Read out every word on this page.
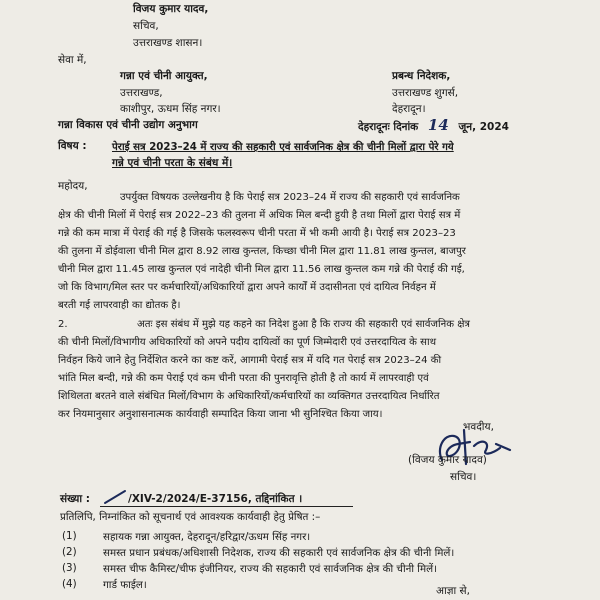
विजय कुमार यादव,
सचिव,
उत्तराखण्ड शासन।
सेवा में,
गन्ना एवं चीनी आयुक्त,
उत्तराखण्ड,
काशीपुर, ऊधम सिंह नगर।
प्रबन्ध निदेशक,
उत्तराखण्ड शुगर्स,
देहरादून।
गन्ना विकास एवं चीनी उद्योग अनुभाग	देहरादूनः दिनांक 14 जून, 2024
विषय : पेराई सत्र 2023–24 में राज्य की सहकारी एवं सार्वजनिक क्षेत्र की चीनी मिलों द्वारा पेरे गये
गन्ने एवं चीनी परता के संबंध में।
महोदय,
उपर्युक्त विषयक उल्लेखनीय है कि पेराई सत्र 2023–24 में राज्य की सहकारी एवं सार्वजनिक
क्षेत्र की चीनी मिलों में पेराई सत्र 2022–23 की तुलना में अधिक मिल बन्दी हुयी है तथा मिलों द्वारा पेराई सत्र में
गन्ने की कम मात्रा में पेराई की गई है जिसके फलस्वरूप चीनी परता में भी कमी आयी है। पेराई सत्र 2023–23
की तुलना में डोईवाला चीनी मिल द्वारा 8.92 लाख कुन्तल, किच्छा चीनी मिल द्वारा 11.81 लाख कुन्तल, बाजपुर
चीनी मिल द्वारा 11.45 लाख कुन्तल एवं नादेही चीनी मिल द्वारा 11.56 लाख कुन्तल कम गन्ने की पेराई की गई,
जो कि विभाग/मिल स्तर पर कर्मचारियों/अधिकारियों द्वारा अपने कार्यों में उदासीनता एवं दायित्व निर्वहन में
बरती गई लापरवाही का द्योतक है।
2.	अतः इस संबंध में मुझे यह कहने का निदेश हुआ है कि राज्य की सहकारी एवं सार्वजनिक क्षेत्र
की चीनी मिलों/विभागीय अधिकारियों को अपने पदीय दायित्वों का पूर्ण जिम्मेदारी एवं उत्तरदायित्व के साथ
निर्वहन किये जाने हेतु निर्देशित करने का कष्ट करें, आगामी पेराई सत्र में यदि गत पेराई सत्र 2023–24 की
भांति मिल बन्दी, गन्ने की कम पेराई एवं कम चीनी परता की पुनरावृत्ति होती है तो कार्य में लापरवाही एवं
शिथिलता बरतने वाले संबंधित मिलों/विभाग के अधिकारियों/कर्मचारियों का व्यक्तिगत उत्तरदायित्व निर्धारित
कर नियमानुसार अनुशासनात्मक कार्यवाही सम्पादित किया जाना भी सुनिश्चित किया जाय।
भवदीय,
(विजय कुमार यादव)
सचिव।
संख्या :	/XIV-2/2024/E-37156, तद्दिनांकित ।
प्रतिलिपि, निम्नांकित को सूचनार्थ एवं आवश्यक कार्यवाही हेतु प्रेषित :–
(1)	सहायक गन्ना आयुक्त, देहरादून/हरिद्वार/ऊधम सिंह नगर।
(2)	समस्त प्रधान प्रबंधक/अधिशासी निदेशक, राज्य की सहकारी एवं सार्वजनिक क्षेत्र की चीनी मिलें।
(3)	समस्त चीफ कैमिस्ट/चीफ इंजीनियर, राज्य की सहकारी एवं सार्वजनिक क्षेत्र की चीनी मिलें।
(4)	गार्ड फाईल।	आज्ञा से,
